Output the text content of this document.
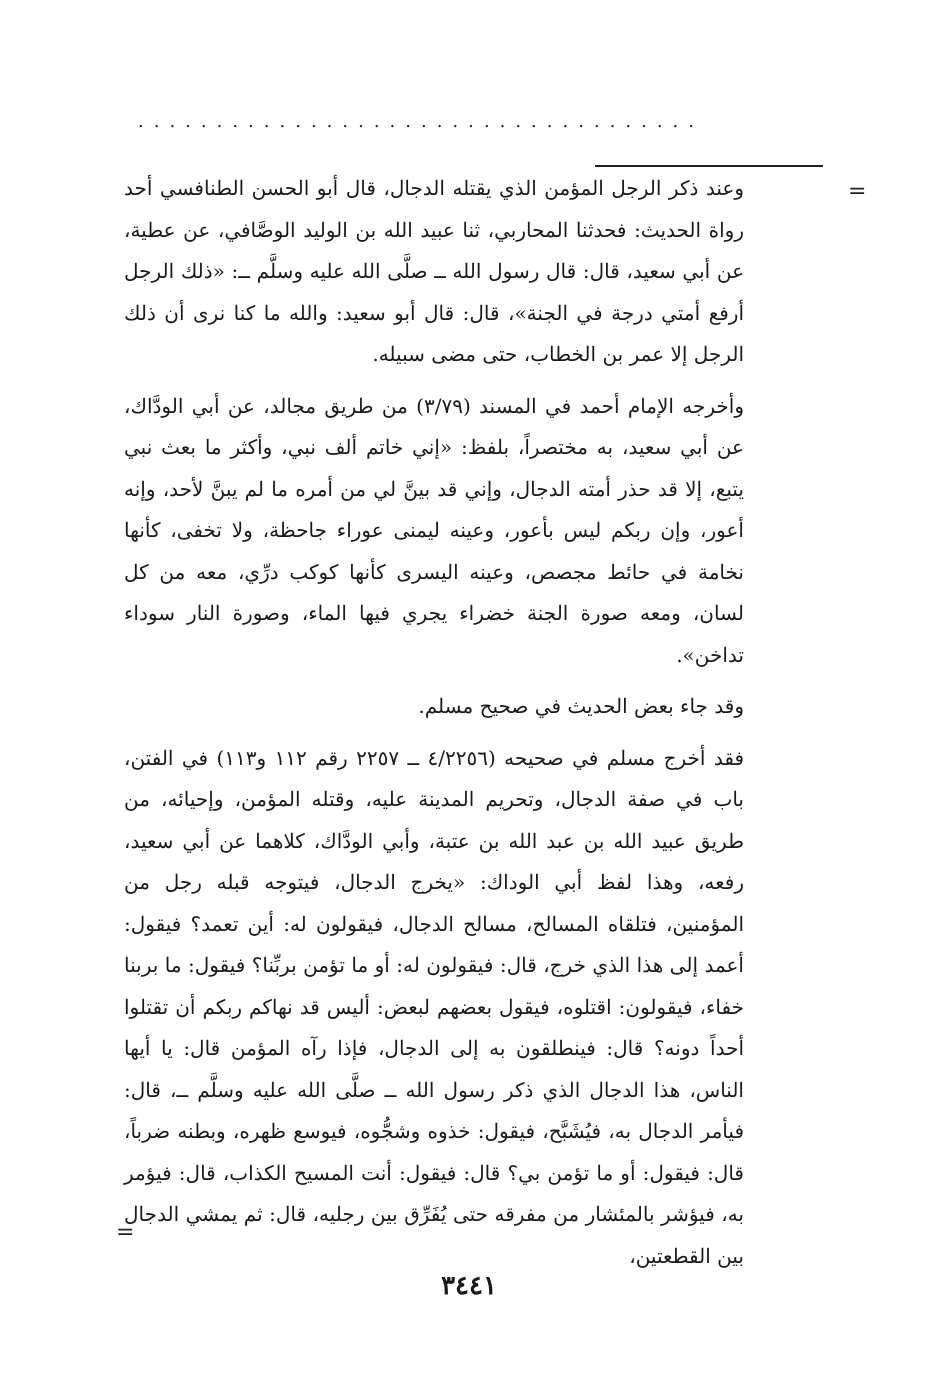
....................................
=

وعند ذكر الرجل المؤمن الذي يقتله الدجال، قال أبو الحسن الطنافسي أحد رواة الحديث: فحدثنا المحاربي، ثنا عبيد الله بن الوليد الوصَّافي، عن عطية، عن أبي سعيد، قال: قال رسول الله ــ صلَّى الله عليه وسلَّم ــ: «ذلك الرجل أرفع أمتي درجة في الجنة»، قال: قال أبو سعيد: والله ما كنا نرى أن ذلك الرجل إلا عمر بن الخطاب، حتى مضى سبيله.

وأخرجه الإمام أحمد في المسند (٣/٧٩) من طريق مجالد، عن أبي الودَّاك، عن أبي سعيد، به مختصراً، بلفظ: «إني خاتم ألف نبي، وأكثر ما بعث نبي يتبع، إلا قد حذر أمته الدجال، وإني قد بينَّ لي من أمره ما لم يبنَّ لأحد، وإنه أعور، وإن ربكم ليس بأعور، وعينه ليمنى عوراء جاحظة، ولا تخفى، كأنها نخامة في حائط مجصص، وعينه اليسرى كأنها كوكب درِّي، معه من كل لسان، ومعه صورة الجنة خضراء يجري فيها الماء، وصورة النار سوداء تداخن».

وقد جاء بعض الحديث في صحيح مسلم.

فقد أخرج مسلم في صحيحه (٤/٢٢٥٦ ــ ٢٢٥٧ رقم ١١٢ و١١٣) في الفتن، باب في صفة الدجال، وتحريم المدينة عليه، وقتله المؤمن، وإحيائه، من طريق عبيد الله بن عبد الله بن عتبة، وأبي الودَّاك، كلاهما عن أبي سعيد، رفعه، وهذا لفظ أبي الوداك: «يخرج الدجال، فيتوجه قبله رجل من المؤمنين، فتلقاه المسالح، مسالح الدجال، فيقولون له: أين تعمد؟ فيقول: أعمد إلى هذا الذي خرج، قال: فيقولون له: أو ما تؤمن بربِّنا؟ فيقول: ما بربنا خفاء، فيقولون: اقتلوه، فيقول بعضهم لبعض: أليس قد نهاكم ربكم أن تقتلوا أحداً دونه؟ قال: فينطلقون به إلى الدجال، فإذا رآه المؤمن قال: يا أيها الناس، هذا الدجال الذي ذكر رسول الله ــ صلَّى الله عليه وسلَّم ــ، قال: فيأمر الدجال به، فيُشَبَّح، فيقول: خذوه وشجُّوه، فيوسع ظهره، وبطنه ضرباً، قال: فيقول: أو ما تؤمن بي؟ قال: فيقول: أنت المسيح الكذاب، قال: فيؤمر به، فيؤشر بالمئشار من مفرقه حتى يُفَرِّق بين رجليه، قال: ثم يمشي الدجال بين القطعتين،

=
٣٤٤١
